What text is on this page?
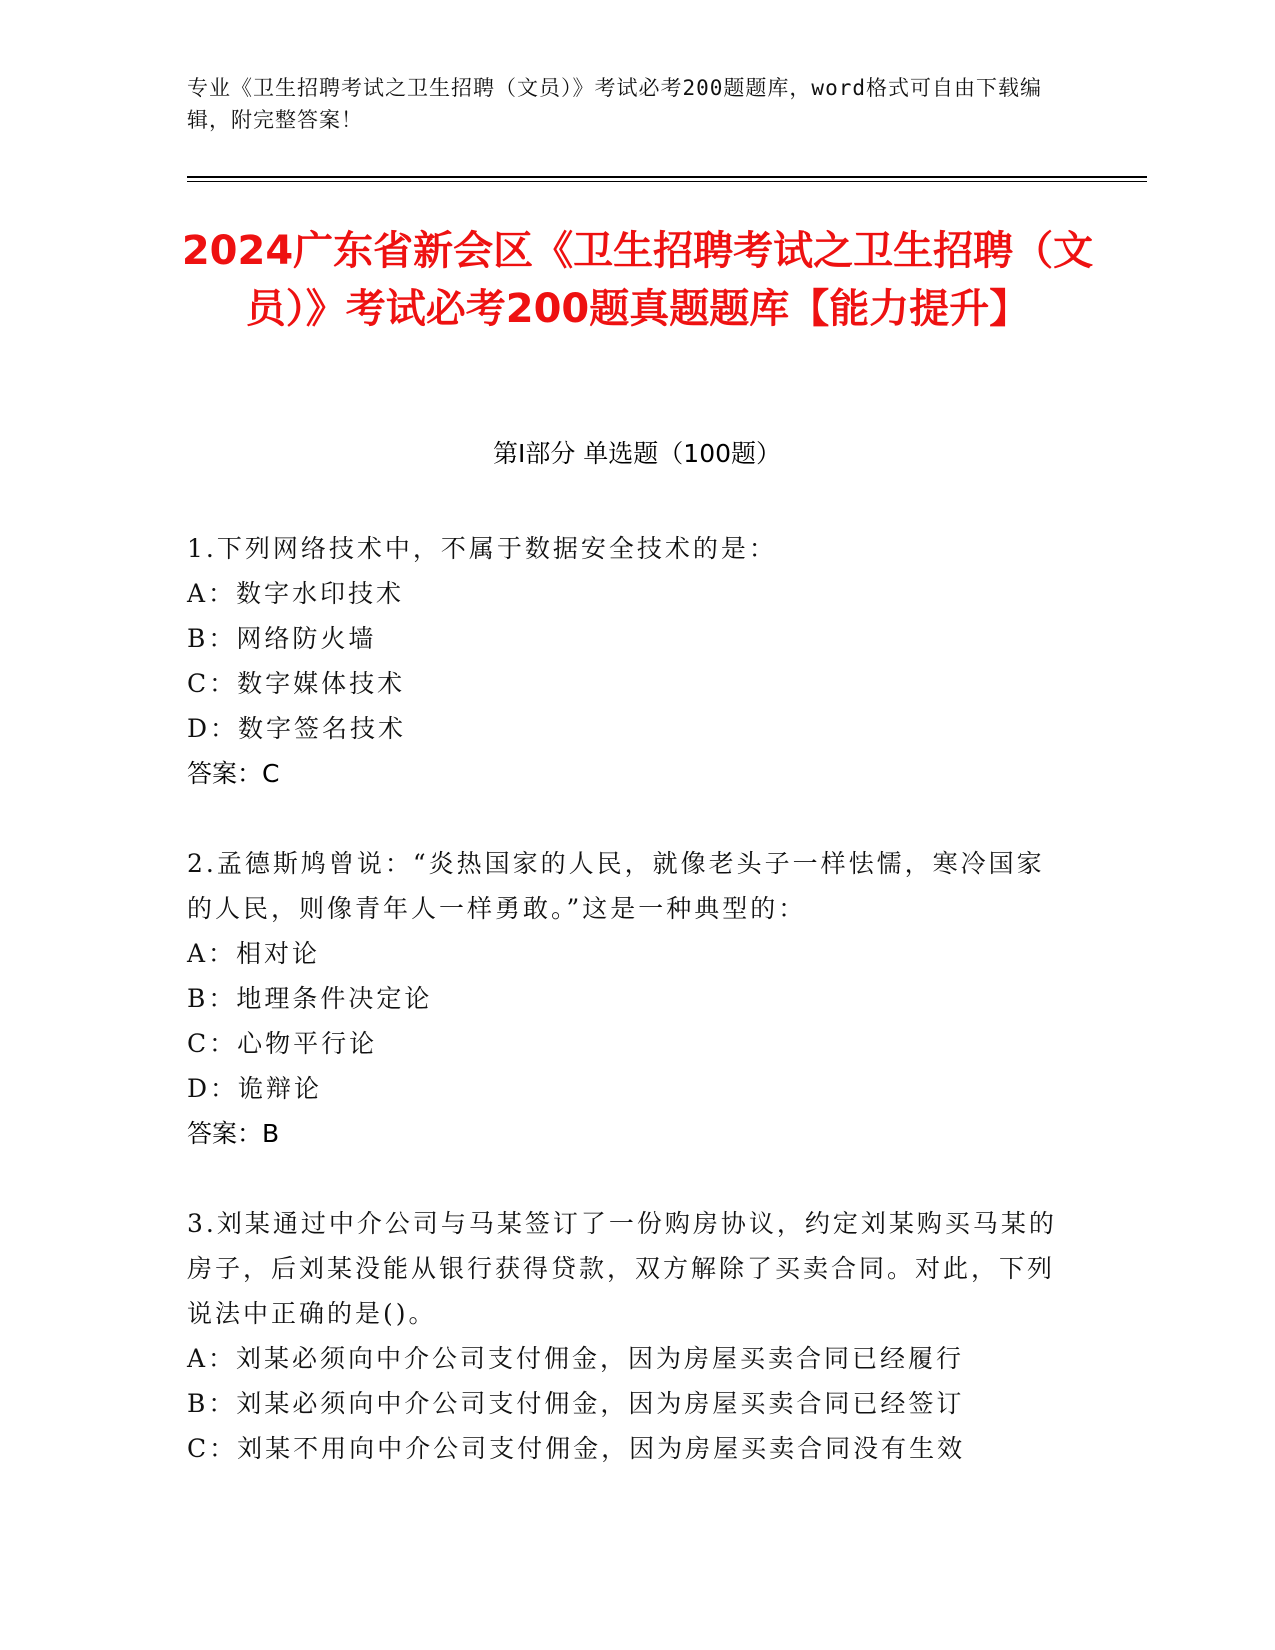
专业《卫生招聘考试之卫生招聘（文员）》考试必考200题题库，word格式可自由下载编辑，附完整答案！
2024广东省新会区《卫生招聘考试之卫生招聘（文员）》考试必考200题真题题库【能力提升】
第Ⅰ部分 单选题（100题）
1.下列网络技术中，不属于数据安全技术的是：
A：数字水印技术
B：网络防火墙
C：数字媒体技术
D：数字签名技术
答案：C
2.孟德斯鸠曾说：“炎热国家的人民，就像老头子一样怯懦，寒冷国家的人民，则像青年人一样勇敢。”这是一种典型的：
A：相对论
B：地理条件决定论
C：心物平行论
D：诡辩论
答案：B
3.刘某通过中介公司与马某签订了一份购房协议，约定刘某购买马某的房子，后刘某没能从银行获得贷款，双方解除了买卖合同。对此，下列说法中正确的是()。
A：刘某必须向中介公司支付佣金，因为房屋买卖合同已经履行
B：刘某必须向中介公司支付佣金，因为房屋买卖合同已经签订
C：刘某不用向中介公司支付佣金，因为房屋买卖合同没有生效
